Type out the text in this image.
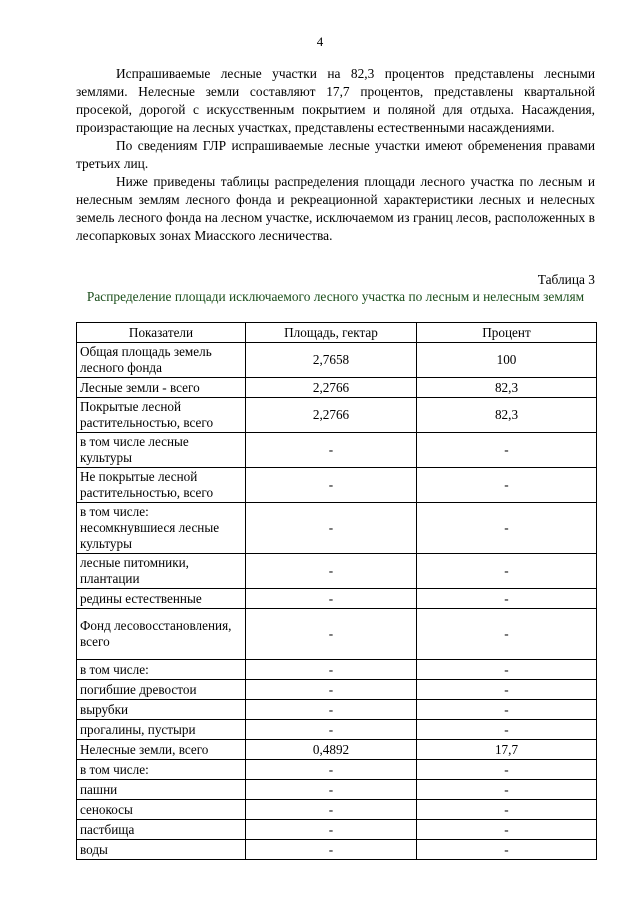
4

Испрашиваемые лесные участки на 82,3 процентов представлены лесными землями. Нелесные земли составляют 17,7 процентов, представлены квартальной просекой, дорогой с искусственным покрытием и поляной для отдыха. Насаждения, произрастающие на лесных участках, представлены естественными насаждениями.

По сведениям ГЛР испрашиваемые лесные участки имеют обременения правами третьих лиц.

Ниже приведены таблицы распределения площади лесного участка по лесным и нелесным землям лесного фонда и рекреационной характеристики лесных и нелесных земель лесного фонда на лесном участке, исключаемом из границ лесов, расположенных в лесопарковых зонах Миасского лесничества.

Таблица 3
Распределение площади исключаемого лесного участка по лесным и нелесным землям
Показатели	Площадь, гектар	Процент
Общая площадь земель лесного фонда	2,7658	100
Лесные земли - всего	2,2766	82,3
Покрытые лесной растительностью, всего	2,2766	82,3
в том числе лесные культуры	-	-
Не покрытые лесной растительностью, всего	-	-
в том числе: несомкнувшиеся лесные культуры	-	-
лесные питомники, плантации	-	-
редины естественные	-	-
Фонд лесовосстановления, всего	-	-
в том числе:	-	-
погибшие древостои	-	-
вырубки	-	-
прогалины, пустыри	-	-
Нелесные земли, всего	0,4892	17,7
в том числе:	-	-
пашни	-	-
сенокосы	-	-
пастбища	-	-
воды	-	-
